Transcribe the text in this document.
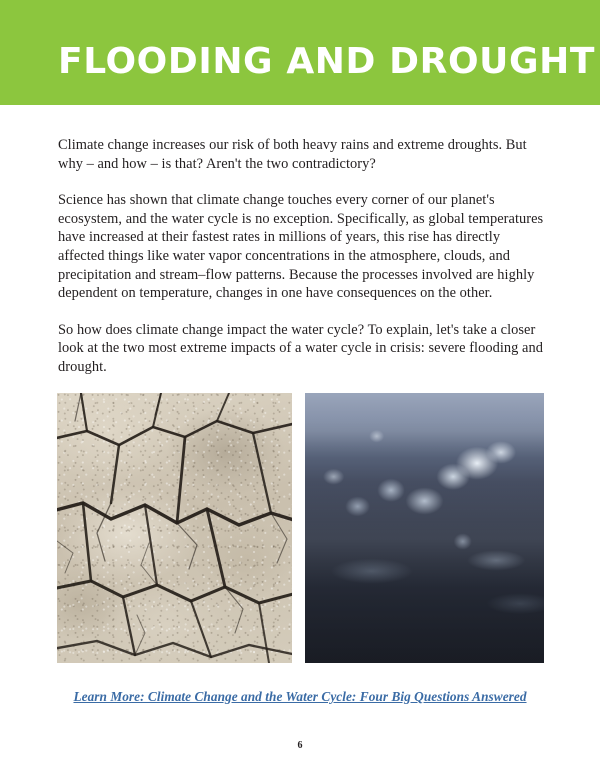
FLOODING AND DROUGHT

Climate change increases our risk of both heavy rains and extreme droughts. But why – and how – is that? Aren't the two contradictory?

Science has shown that climate change touches every corner of our planet's ecosystem, and the water cycle is no exception. Specifically, as global temperatures have increased at their fastest rates in millions of years, this rise has directly affected things like water vapor concentrations in the atmosphere, clouds, and precipitation and stream–flow patterns. Because the processes involved are highly dependent on temperature, changes in one have consequences on the other.

So how does climate change impact the water cycle? To explain, let's take a closer look at the two most extreme impacts of a water cycle in crisis: severe flooding and drought.

Learn More: Climate Change and the Water Cycle: Four Big Questions Answered
6
